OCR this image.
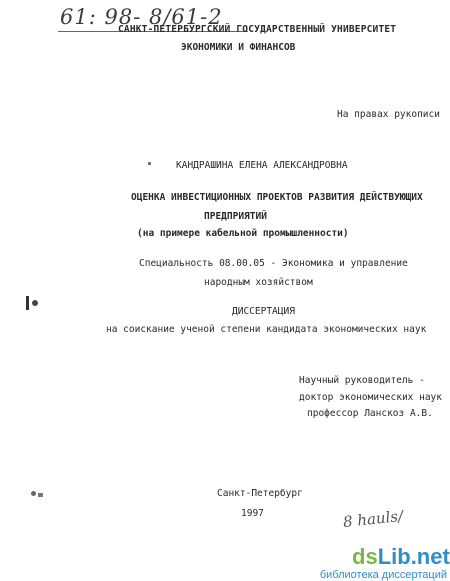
61: 98- 8/61-2
САНКТ-ПЕТЕРБУРГСКИЙ ГОСУДАРСТВЕННЫЙ УНИВЕРСИТЕТ
ЭКОНОМИКИ И ФИНАНСОВ
На правах рукописи
КАНДРАШИНА ЕЛЕНА АЛЕКСАНДРОВНА
ОЦЕНКА ИНВЕСТИЦИОННЫХ ПРОЕКТОВ РАЗВИТИЯ ДЕЙСТВУЮЩИХ
ПРЕДПРИЯТИЙ
(на примере кабельной промышленности)
Специальность 08.00.05 - Экономика и управление
народным хозяйством
ДИССЕРТАЦИЯ
на соискание ученой степени кандидата экономических наук
Научный руководитель -
доктор экономических наук
профессор Ланскоз А.В.
Санкт-Петербург
1997	8 hauls/
dsLib.net
библиотека диссертаций
